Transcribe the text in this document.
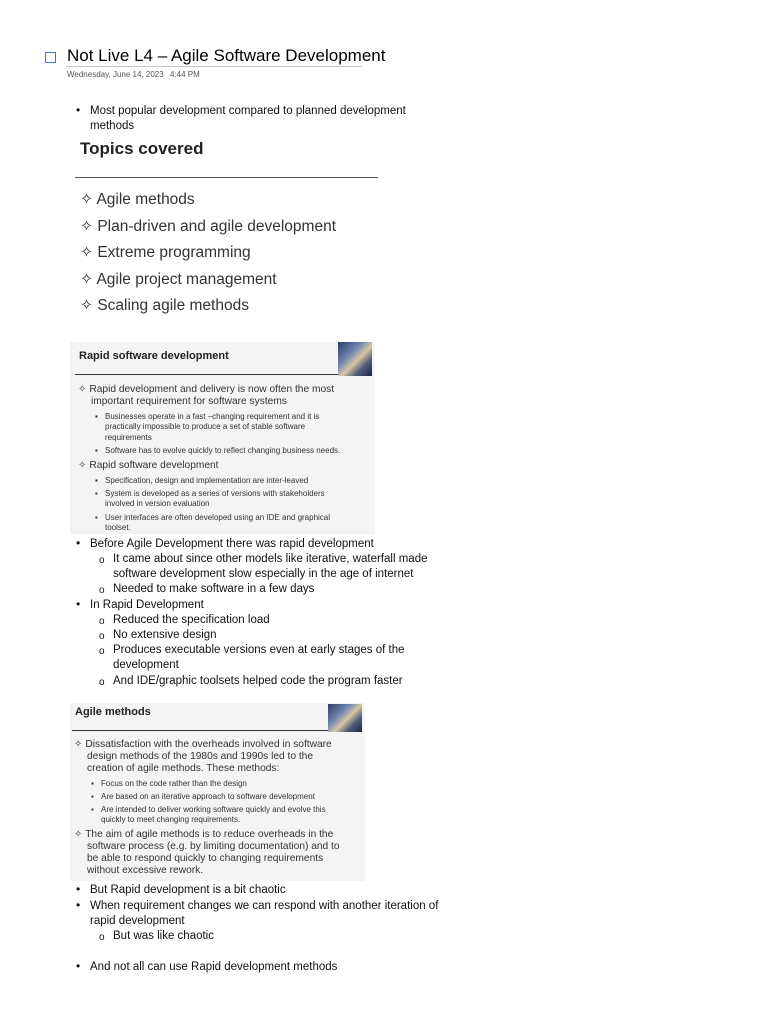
Not Live L4 – Agile Software Development
Wednesday, June 14, 2023 4:44 PM
• Most popular development compared to planned development
methods
Topics covered
✧ Agile methods
✧ Plan-driven and agile development
✧ Extreme programming
✧ Agile project management
✧ Scaling agile methods
Rapid software development
✧ Rapid development and delivery is now often the most
important requirement for software systems
▪ Businesses operate in a fast –changing requirement and it is
practically impossible to produce a set of stable software
requirements
▪ Software has to evolve quickly to reflect changing business needs.
✧ Rapid software development
▪ Specification, design and implementation are inter-leaved
▪ System is developed as a series of versions with stakeholders
involved in version evaluation
▪ User interfaces are often developed using an IDE and graphical
toolset.
• Before Agile Development there was rapid development
o It came about since other models like iterative, waterfall made
software development slow especially in the age of internet
o Needed to make software in a few days
• In Rapid Development
o Reduced the specification load
o No extensive design
o Produces executable versions even at early stages of the
development
o And IDE/graphic toolsets helped code the program faster
Agile methods
✧ Dissatisfaction with the overheads involved in software
design methods of the 1980s and 1990s led to the
creation of agile methods. These methods:
▪ Focus on the code rather than the design
▪ Are based on an iterative approach to software development
▪ Are intended to deliver working software quickly and evolve this
quickly to meet changing requirements.
✧ The aim of agile methods is to reduce overheads in the
software process (e.g. by limiting documentation) and to
be able to respond quickly to changing requirements
without excessive rework.
• But Rapid development is a bit chaotic
• When requirement changes we can respond with another iteration of
rapid development
o But was like chaotic
• And not all can use Rapid development methods
